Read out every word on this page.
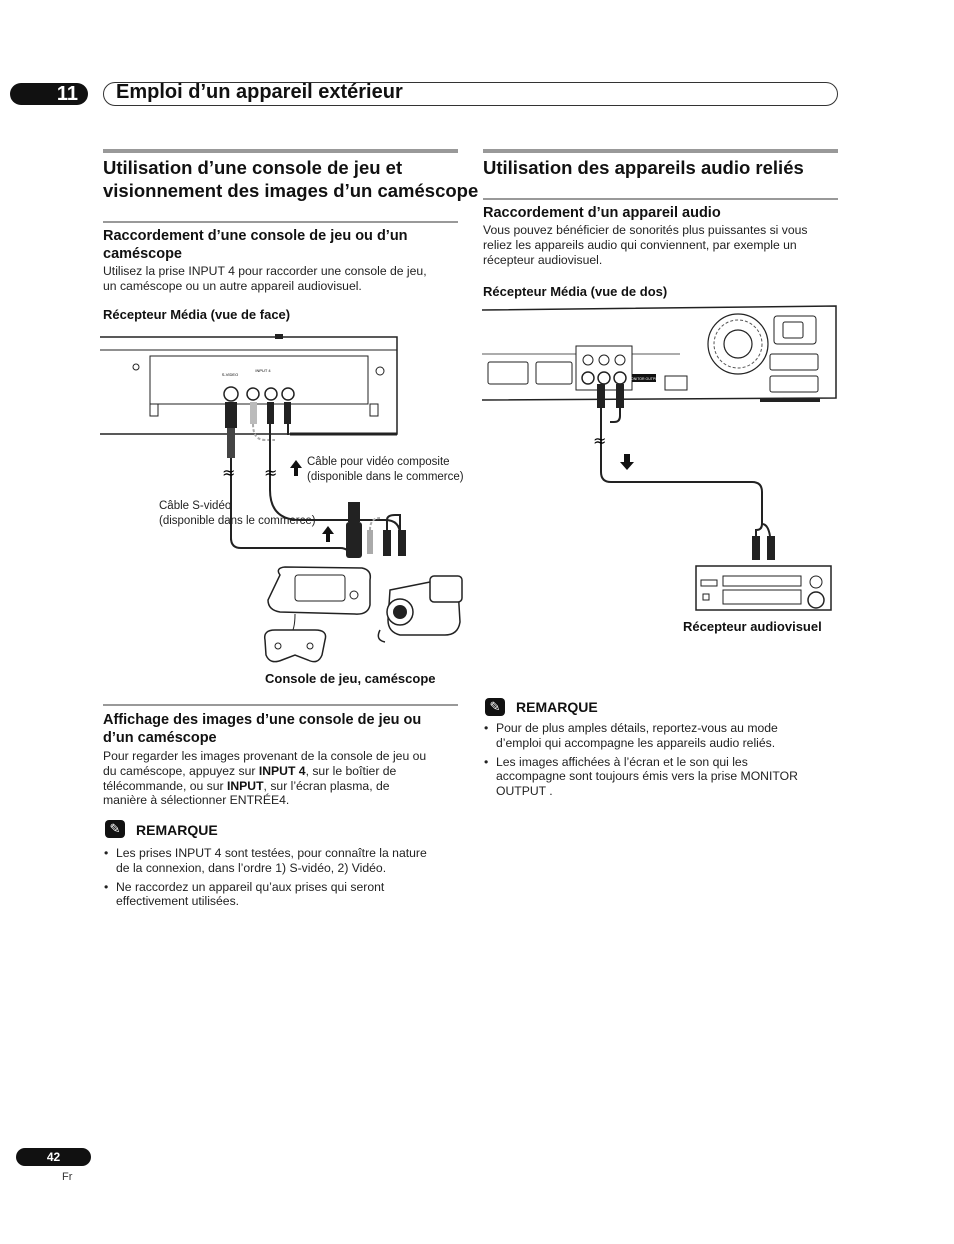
11	Emploi d’un appareil extérieur
Utilisation d’une console de jeu et
visionnement des images d’un caméscope
Raccordement d’une console de jeu ou d’un
caméscope
Utilisez la prise INPUT 4 pour raccorder une console de jeu,
un caméscope ou un autre appareil audiovisuel.
Récepteur Média (vue de face)
S-VIDEO
INPUT 4
≈ ≈
Câble pour vidéo composite
(disponible dans le commerce)
Câble S-vidéo
(disponible dans le commerce)
Console de jeu, caméscope
Affichage des images d’une console de jeu ou
d’un caméscope
Pour regarder les images provenant de la console de jeu ou
du caméscope, appuyez sur INPUT 4, sur le boîtier de
télécommande, ou sur INPUT, sur l’écran plasma, de
manière à sélectionner ENTRÉE4.
✎	REMARQUE
• Les prises INPUT 4 sont testées, pour connaître la nature
de la connexion, dans l’ordre 1) S-vidéo, 2) Vidéo.
• Ne raccordez un appareil qu’aux prises qui seront
effectivement utilisées.
Utilisation des appareils audio reliés
Raccordement d’un appareil audio
Vous pouvez bénéficier de sonorités plus puissantes si vous
reliez les appareils audio qui conviennent, par exemple un
récepteur audiovisuel.
Récepteur Média (vue de dos)
MONITOR OUTPUT
≈
Récepteur audiovisuel
✎	REMARQUE
• Pour de plus amples détails, reportez-vous au mode
d’emploi qui accompagne les appareils audio reliés.
• Les images affichées à l’écran et le son qui les
accompagne sont toujours émis vers la prise MONITOR
OUTPUT .
42
Fr
